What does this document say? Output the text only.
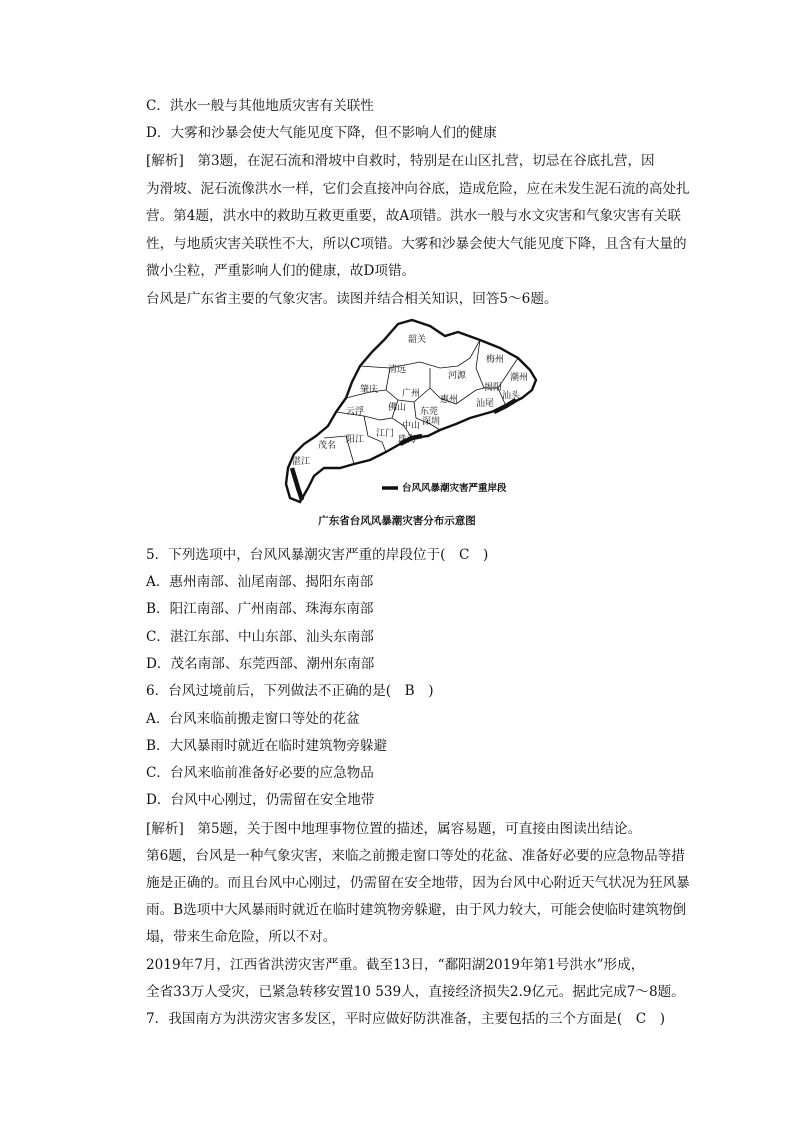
C．洪水一般与其他地质灾害有关联性
D．大雾和沙暴会使大气能见度下降，但不影响人们的健康
[解析]　第3题，在泥石流和滑坡中自救时，特别是在山区扎营，切忌在谷底扎营，因
为滑坡、泥石流像洪水一样，它们会直接冲向谷底，造成危险，应在未发生泥石流的高处扎
营。第4题，洪水中的救助互救更重要，故A项错。洪水一般与水文灾害和气象灾害有关联
性，与地质灾害关联性不大，所以C项错。大雾和沙暴会使大气能见度下降，且含有大量的
微小尘粒，严重影响人们的健康，故D项错。
台风是广东省主要的气象灾害。读图并结合相关知识，回答5～6题。
韶关
梅州
清远
河源	潮州
揭阳
汕头
汕尾
肇庆	广州
惠州
佛山 东莞
深圳
云浮
中山
珠海
江门
茂名
阳江
湛江
台风风暴潮灾害严重岸段
广东省台风风暴潮灾害分布示意图
5．下列选项中，台风风暴潮灾害严重的岸段位于(　C　)
A．惠州南部、汕尾南部、揭阳东南部
B．阳江南部、广州南部、珠海东南部
C．湛江东部、中山东部、汕头东南部
D．茂名南部、东莞西部、潮州东南部
6．台风过境前后，下列做法不正确的是(　B　)
A．台风来临前搬走窗口等处的花盆
B．大风暴雨时就近在临时建筑物旁躲避
C．台风来临前准备好必要的应急物品
D．台风中心刚过，仍需留在安全地带
[解析]　第5题，关于图中地理事物位置的描述，属容易题，可直接由图读出结论。
第6题，台风是一种气象灾害，来临之前搬走窗口等处的花盆、准备好必要的应急物品等措
施是正确的。而且台风中心刚过，仍需留在安全地带，因为台风中心附近天气状况为狂风暴
雨。B选项中大风暴雨时就近在临时建筑物旁躲避，由于风力较大，可能会使临时建筑物倒
塌，带来生命危险，所以不对。
2019年7月，江西省洪涝灾害严重。截至13日，“鄱阳湖2019年第1号洪水”形成，
全省33万人受灾，已紧急转移安置10 539人，直接经济损失2.9亿元。据此完成7～8题。
7．我国南方为洪涝灾害多发区，平时应做好防洪准备，主要包括的三个方面是(　C　)
